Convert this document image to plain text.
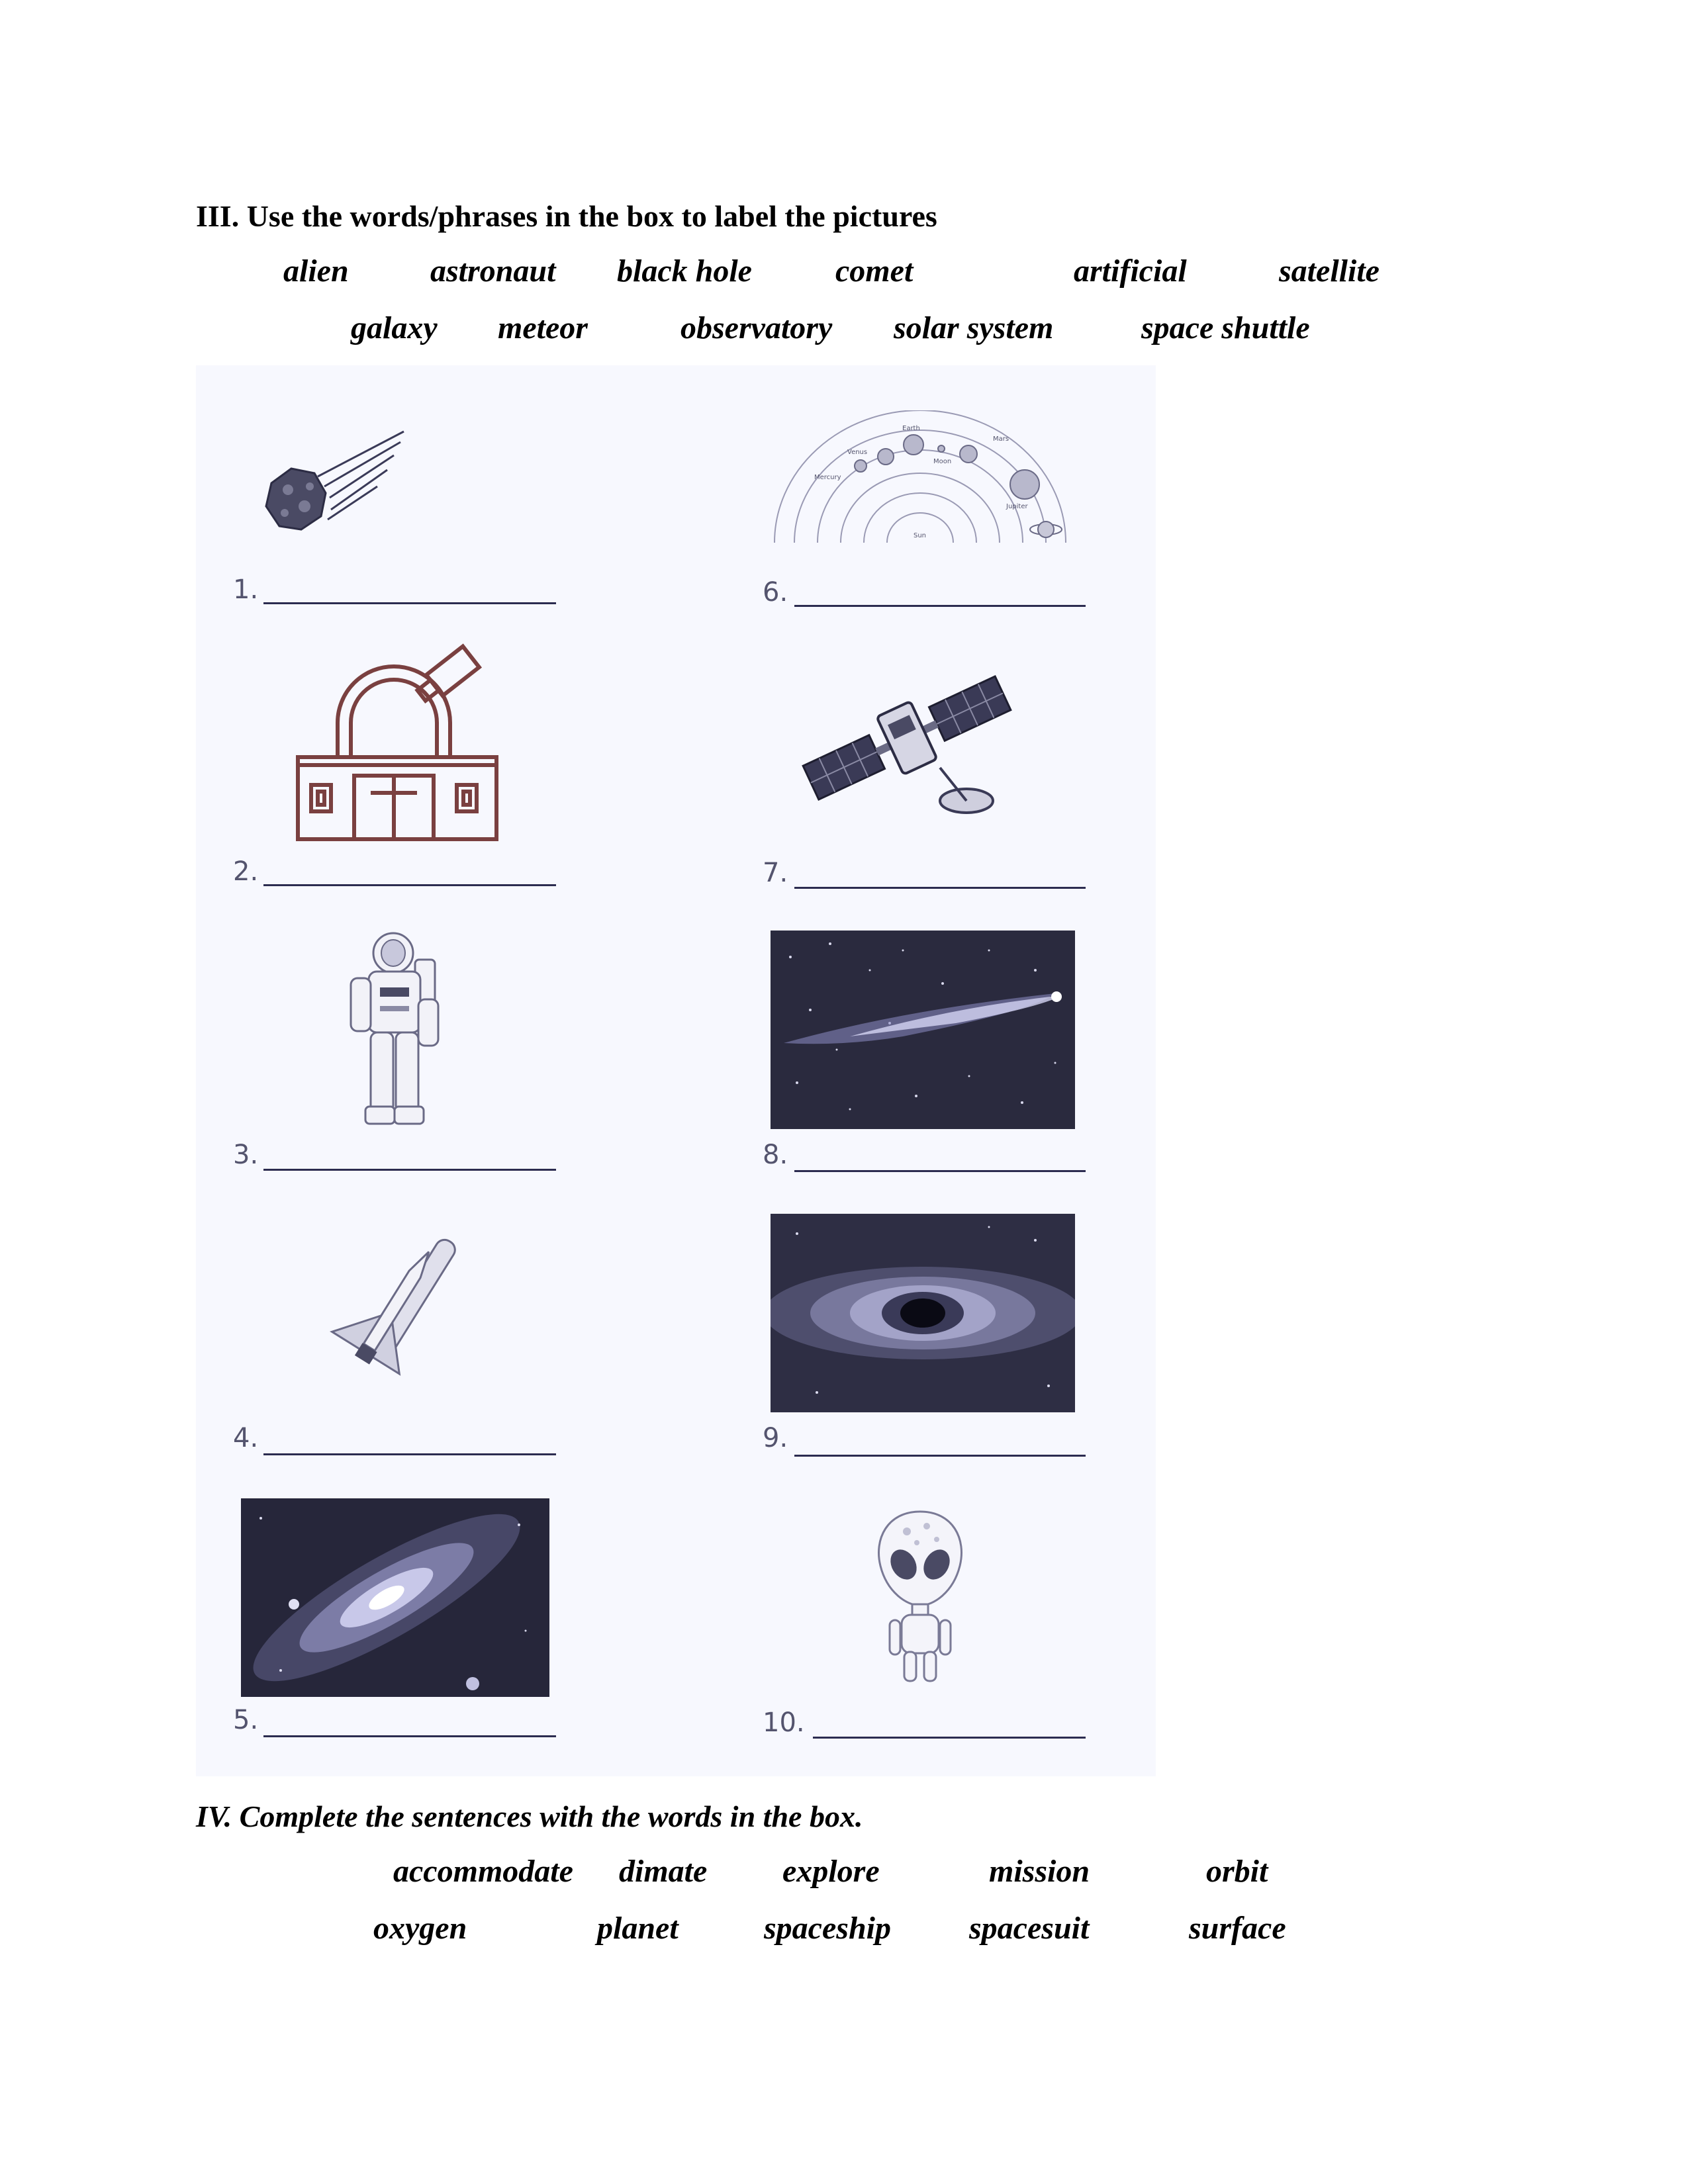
III. Use the words/phrases in the box to label the pictures
alien	astronaut black hole	comet	artificial	satellite
galaxy meteor	observatory solar system	space shuttle
1.
Earth
Mars
Venus
Moon
Mercury
Jupiter
Sun
6.
2.	7.
3.	8.
4.	9.
5.	10.
IV. Complete the sentences with the words in the box.
accommodate dimate explore	mission	orbit
oxygen	planet	spaceship spacesuit	surface
